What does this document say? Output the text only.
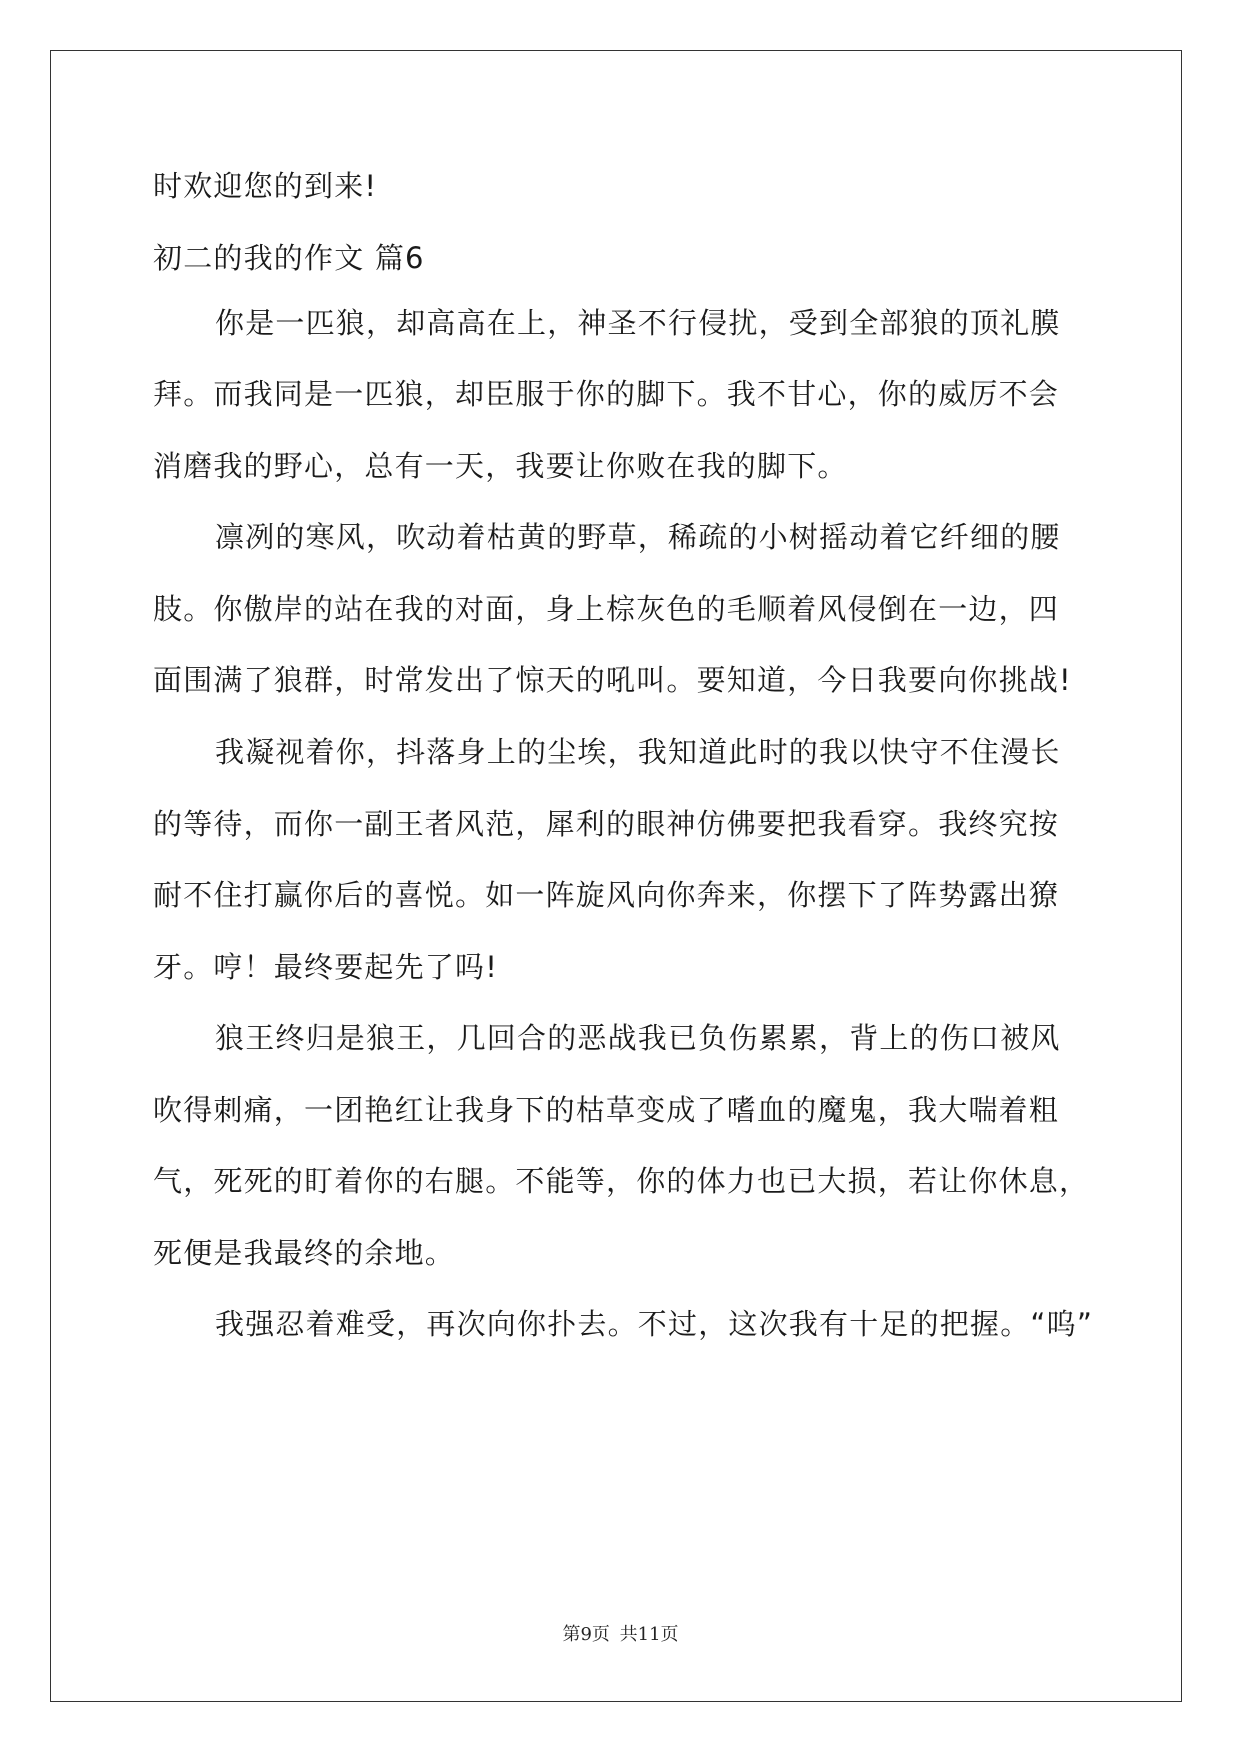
时欢迎您的到来!
初二的我的作文 篇6
你是一匹狼，却高高在上，神圣不行侵扰，受到全部狼的顶礼膜
拜。而我同是一匹狼，却臣服于你的脚下。我不甘心，你的威厉不会
消磨我的野心，总有一天，我要让你败在我的脚下。
凛冽的寒风，吹动着枯黄的野草，稀疏的小树摇动着它纤细的腰
肢。你傲岸的站在我的对面，身上棕灰色的毛顺着风侵倒在一边，四
面围满了狼群，时常发出了惊天的吼叫。要知道，今日我要向你挑战!
我凝视着你，抖落身上的尘埃，我知道此时的我以快守不住漫长
的等待，而你一副王者风范，犀利的眼神仿佛要把我看穿。我终究按
耐不住打赢你后的喜悦。如一阵旋风向你奔来，你摆下了阵势露出獠
牙。哼！最终要起先了吗!
狼王终归是狼王，几回合的恶战我已负伤累累，背上的伤口被风
吹得刺痛，一团艳红让我身下的枯草变成了嗜血的魔鬼，我大喘着粗
气，死死的盯着你的右腿。不能等，你的体力也已大损，若让你休息，
死便是我最终的余地。
我强忍着难受，再次向你扑去。不过，这次我有十足的把握。“呜”
第9页 共11页
